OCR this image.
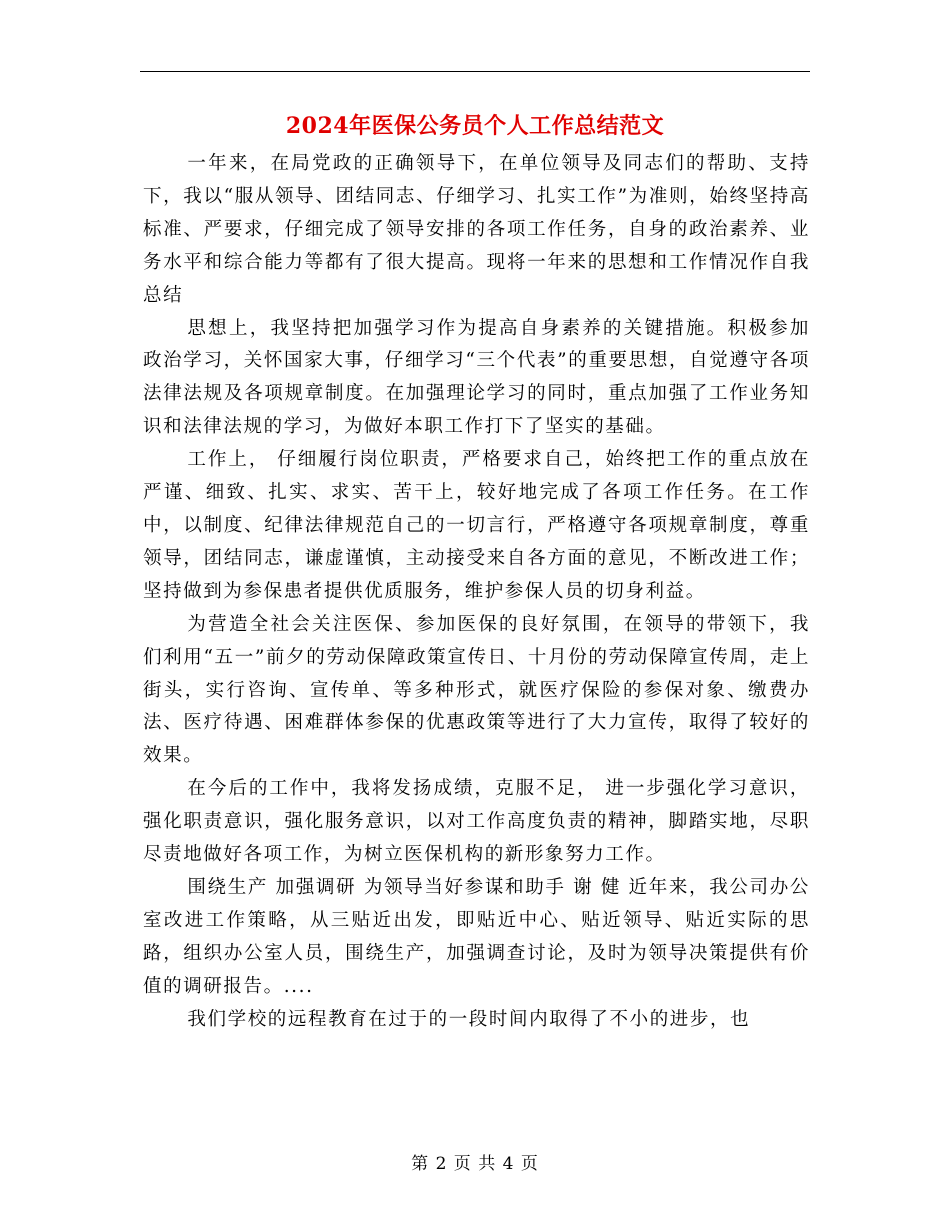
2024年医保公务员个人工作总结范文

一年来，在局党政的正确领导下，在单位领导及同志们的帮助、支持下，我以“服从领导、团结同志、仔细学习、扎实工作”为准则，始终坚持高标准、严要求，仔细完成了领导安排的各项工作任务，自身的政治素养、业务水平和综合能力等都有了很大提高。现将一年来的思想和工作情况作自我总结

思想上，我坚持把加强学习作为提高自身素养的关键措施。积极参加政治学习，关怀国家大事，仔细学习“三个代表”的重要思想，自觉遵守各项法律法规及各项规章制度。在加强理论学习的同时，重点加强了工作业务知识和法律法规的学习，为做好本职工作打下了坚实的基础。

工作上， 仔细履行岗位职责，严格要求自己，始终把工作的重点放在严谨、细致、扎实、求实、苦干上，较好地完成了各项工作任务。在工作中，以制度、纪律法律规范自己的一切言行，严格遵守各项规章制度，尊重领导，团结同志，谦虚谨慎，主动接受来自各方面的意见，不断改进工作；坚持做到为参保患者提供优质服务，维护参保人员的切身利益。

为营造全社会关注医保、参加医保的良好氛围，在领导的带领下，我们利用“五一”前夕的劳动保障政策宣传日、十月份的劳动保障宣传周，走上街头，实行咨询、宣传单、等多种形式，就医疗保险的参保对象、缴费办法、医疗待遇、困难群体参保的优惠政策等进行了大力宣传，取得了较好的效果。

在今后的工作中，我将发扬成绩，克服不足， 进一步强化学习意识，强化职责意识，强化服务意识，以对工作高度负责的精神，脚踏实地，尽职尽责地做好各项工作，为树立医保机构的新形象努力工作。

围绕生产 加强调研 为领导当好参谋和助手 谢 健 近年来，我公司办公室改进工作策略，从三贴近出发，即贴近中心、贴近领导、贴近实际的思路，组织办公室人员，围绕生产，加强调查讨论，及时为领导决策提供有价值的调研报告。....

我们学校的远程教育在过于的一段时间内取得了不小的进步，也

第 2 页 共 4 页
